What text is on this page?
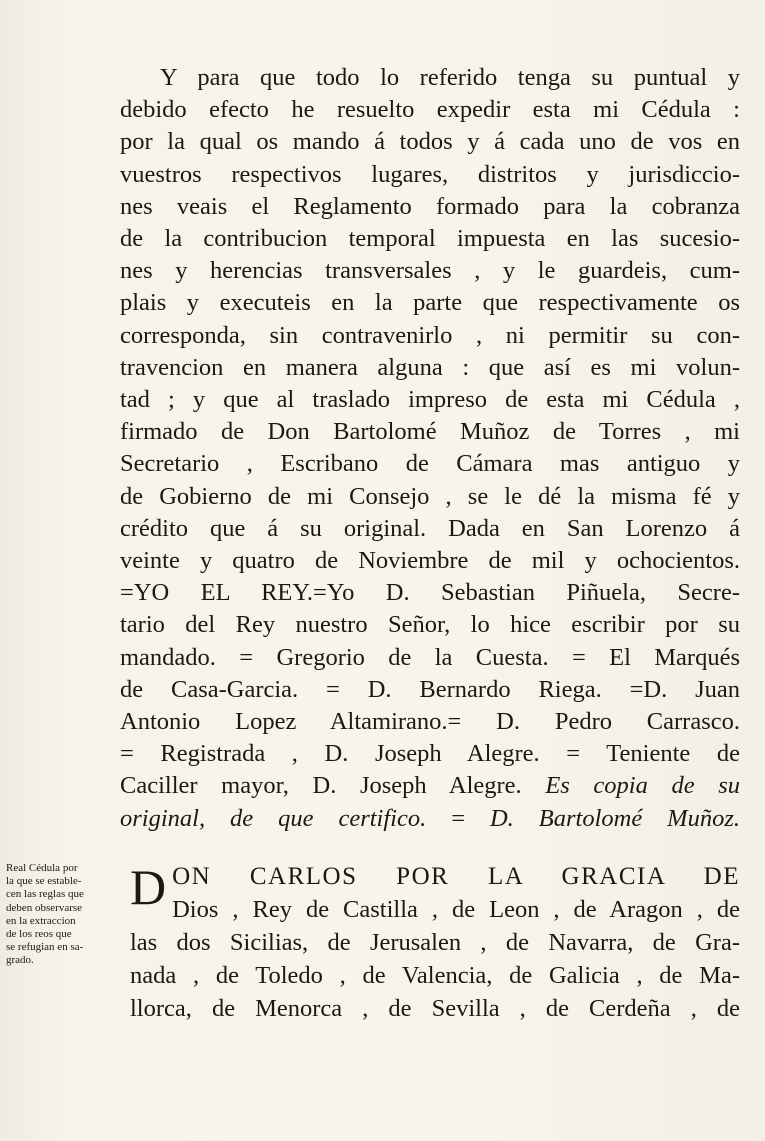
Y para que todo lo referido tenga su puntual y
debido efecto he resuelto expedir esta mi Cédula :
por la qual os mando á todos y á cada uno de vos en
vuestros respectivos lugares, distritos y jurisdiccio-
nes veais el Reglamento formado para la cobranza
de la contribucion temporal impuesta en las sucesio-
nes y herencias transversales , y le guardeis, cum-
plais y executeis en la parte que respectivamente os
corresponda, sin contravenirlo , ni permitir su con-
travencion en manera alguna : que así es mi volun-
tad ; y que al traslado impreso de esta mi Cédula ,
firmado de Don Bartolomé Muñoz de Torres , mi
Secretario , Escribano de Cámara mas antiguo y
de Gobierno de mi Consejo , se le dé la misma fé y
crédito que á su original. Dada en San Lorenzo á
veinte y quatro de Noviembre de mil y ochocientos.
=YO EL REY.=Yo D. Sebastian Piñuela, Secre-
tario del Rey nuestro Señor, lo hice escribir por su
mandado. = Gregorio de la Cuesta. = El Marqués
de Casa-Garcia. = D. Bernardo Riega. =D. Juan
Antonio Lopez Altamirano.= D. Pedro Carrasco.
= Registrada , D. Joseph Alegre. = Teniente de
Caciller mayor, D. Joseph Alegre. Es copia de su
original, de que certifico. = D. Bartolomé Muñoz.
Real Cédula por
la que se estable-
cen las reglas que
deben observarse
en la extraccion
de los reos que
se refugian en sa-
grado.
D ON CARLOS POR LA GRACIA DE
Dios , Rey de Castilla , de Leon , de Aragon , de
las dos Sicilias, de Jerusalen , de Navarra, de Gra-
nada , de Toledo , de Valencia, de Galicia , de Ma-
llorca, de Menorca , de Sevilla , de Cerdeña , de
